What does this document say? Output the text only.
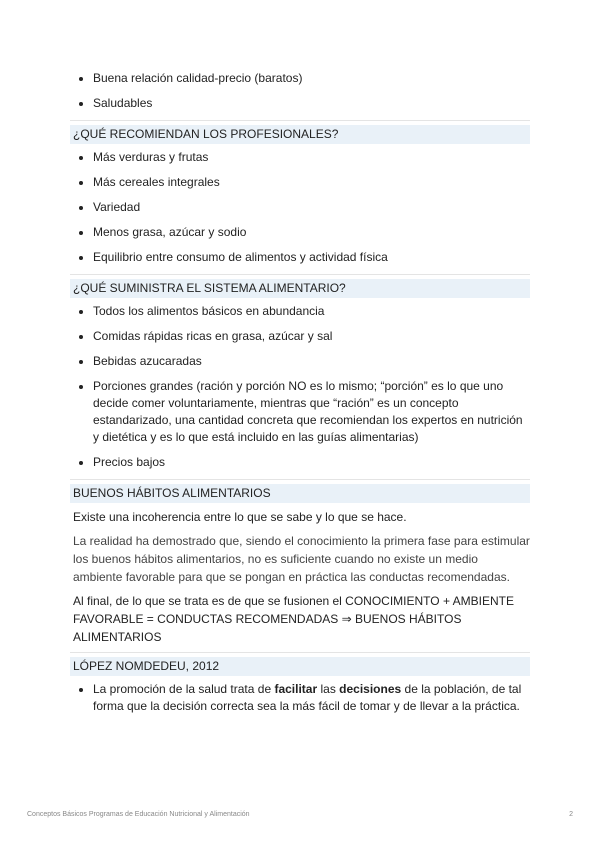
Buena relación calidad-precio (baratos)
Saludables
¿QUÉ RECOMIENDAN LOS PROFESIONALES?
Más verduras y frutas
Más cereales integrales
Variedad
Menos grasa, azúcar y sodio
Equilibrio entre consumo de alimentos y actividad física
¿QUÉ SUMINISTRA EL SISTEMA ALIMENTARIO?
Todos los alimentos básicos en abundancia
Comidas rápidas ricas en grasa, azúcar y sal
Bebidas azucaradas
Porciones grandes (ración y porción NO es lo mismo; “porción” es lo que uno decide comer voluntariamente, mientras que “ración” es un concepto estandarizado, una cantidad concreta que recomiendan los expertos en nutrición y dietética y es lo que está incluido en las guías alimentarias)
Precios bajos
BUENOS HÁBITOS ALIMENTARIOS

Existe una incoherencia entre lo que se sabe y lo que se hace.

La realidad ha demostrado que, siendo el conocimiento la primera fase para estimular los buenos hábitos alimentarios, no es suficiente cuando no existe un medio ambiente favorable para que se pongan en práctica las conductas recomendadas.

Al final, de lo que se trata es de que se fusionen el CONOCIMIENTO + AMBIENTE FAVORABLE = CONDUCTAS RECOMENDADAS ⇒ BUENOS HÁBITOS ALIMENTARIOS

LÓPEZ NOMDEDEU, 2012
La promoción de la salud trata de facilitar las decisiones de la población, de tal forma que la decisión correcta sea la más fácil de tomar y de llevar a la práctica.
Conceptos Básicos Programas de Educación Nutricional y Alimentación	2
